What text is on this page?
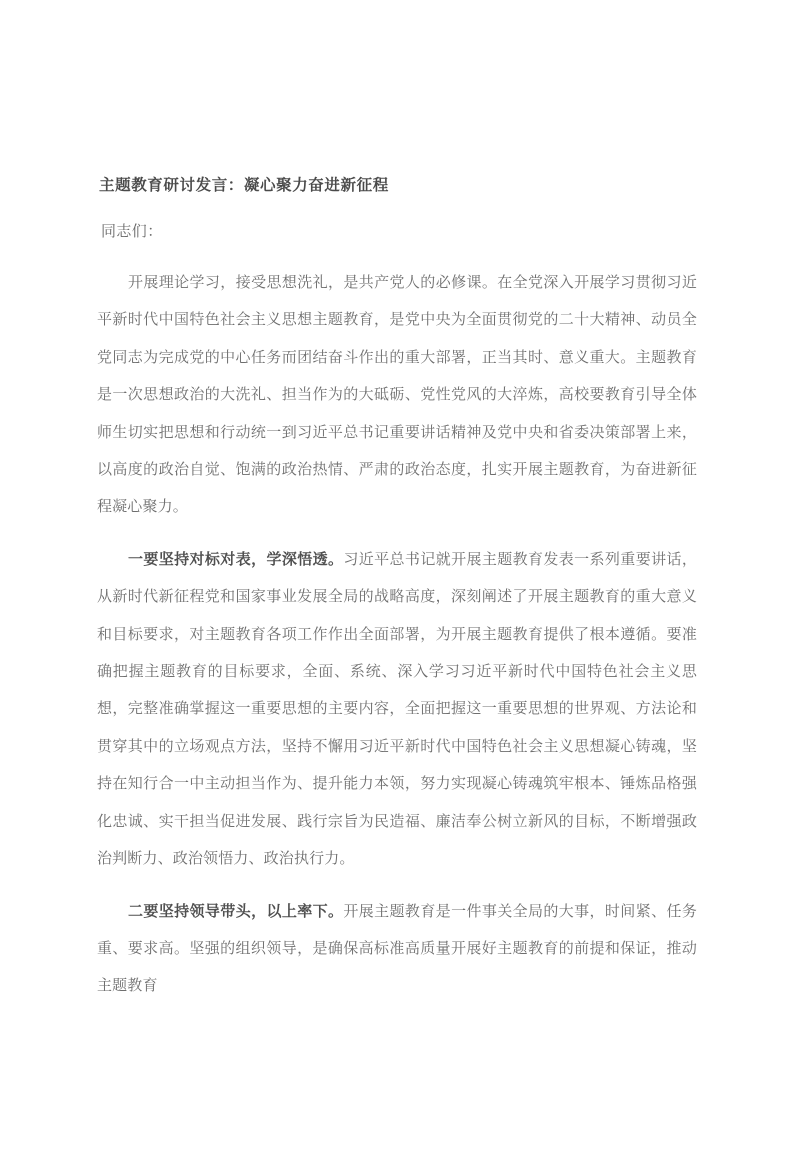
主题教育研讨发言：凝心聚力奋进新征程

同志们：

开展理论学习，接受思想洗礼，是共产党人的必修课。在全党深入开展学习贯彻习近平新时代中国特色社会主义思想主题教育，是党中央为全面贯彻党的二十大精神、动员全党同志为完成党的中心任务而团结奋斗作出的重大部署，正当其时、意义重大。主题教育是一次思想政治的大洗礼、担当作为的大砥砺、党性党风的大淬炼，高校要教育引导全体师生切实把思想和行动统一到习近平总书记重要讲话精神及党中央和省委决策部署上来，以高度的政治自觉、饱满的政治热情、严肃的政治态度，扎实开展主题教育，为奋进新征程凝心聚力。

一要坚持对标对表，学深悟透。习近平总书记就开展主题教育发表一系列重要讲话，从新时代新征程党和国家事业发展全局的战略高度，深刻阐述了开展主题教育的重大意义和目标要求，对主题教育各项工作作出全面部署，为开展主题教育提供了根本遵循。要准确把握主题教育的目标要求，全面、系统、深入学习习近平新时代中国特色社会主义思想，完整准确掌握这一重要思想的主要内容，全面把握这一重要思想的世界观、方法论和贯穿其中的立场观点方法，坚持不懈用习近平新时代中国特色社会主义思想凝心铸魂，坚持在知行合一中主动担当作为、提升能力本领，努力实现凝心铸魂筑牢根本、锤炼品格强化忠诚、实干担当促进发展、践行宗旨为民造福、廉洁奉公树立新风的目标，不断增强政治判断力、政治领悟力、政治执行力。

二要坚持领导带头，以上率下。开展主题教育是一件事关全局的大事，时间紧、任务重、要求高。坚强的组织领导，是确保高标准高质量开展好主题教育的前提和保证，推动主题教育
